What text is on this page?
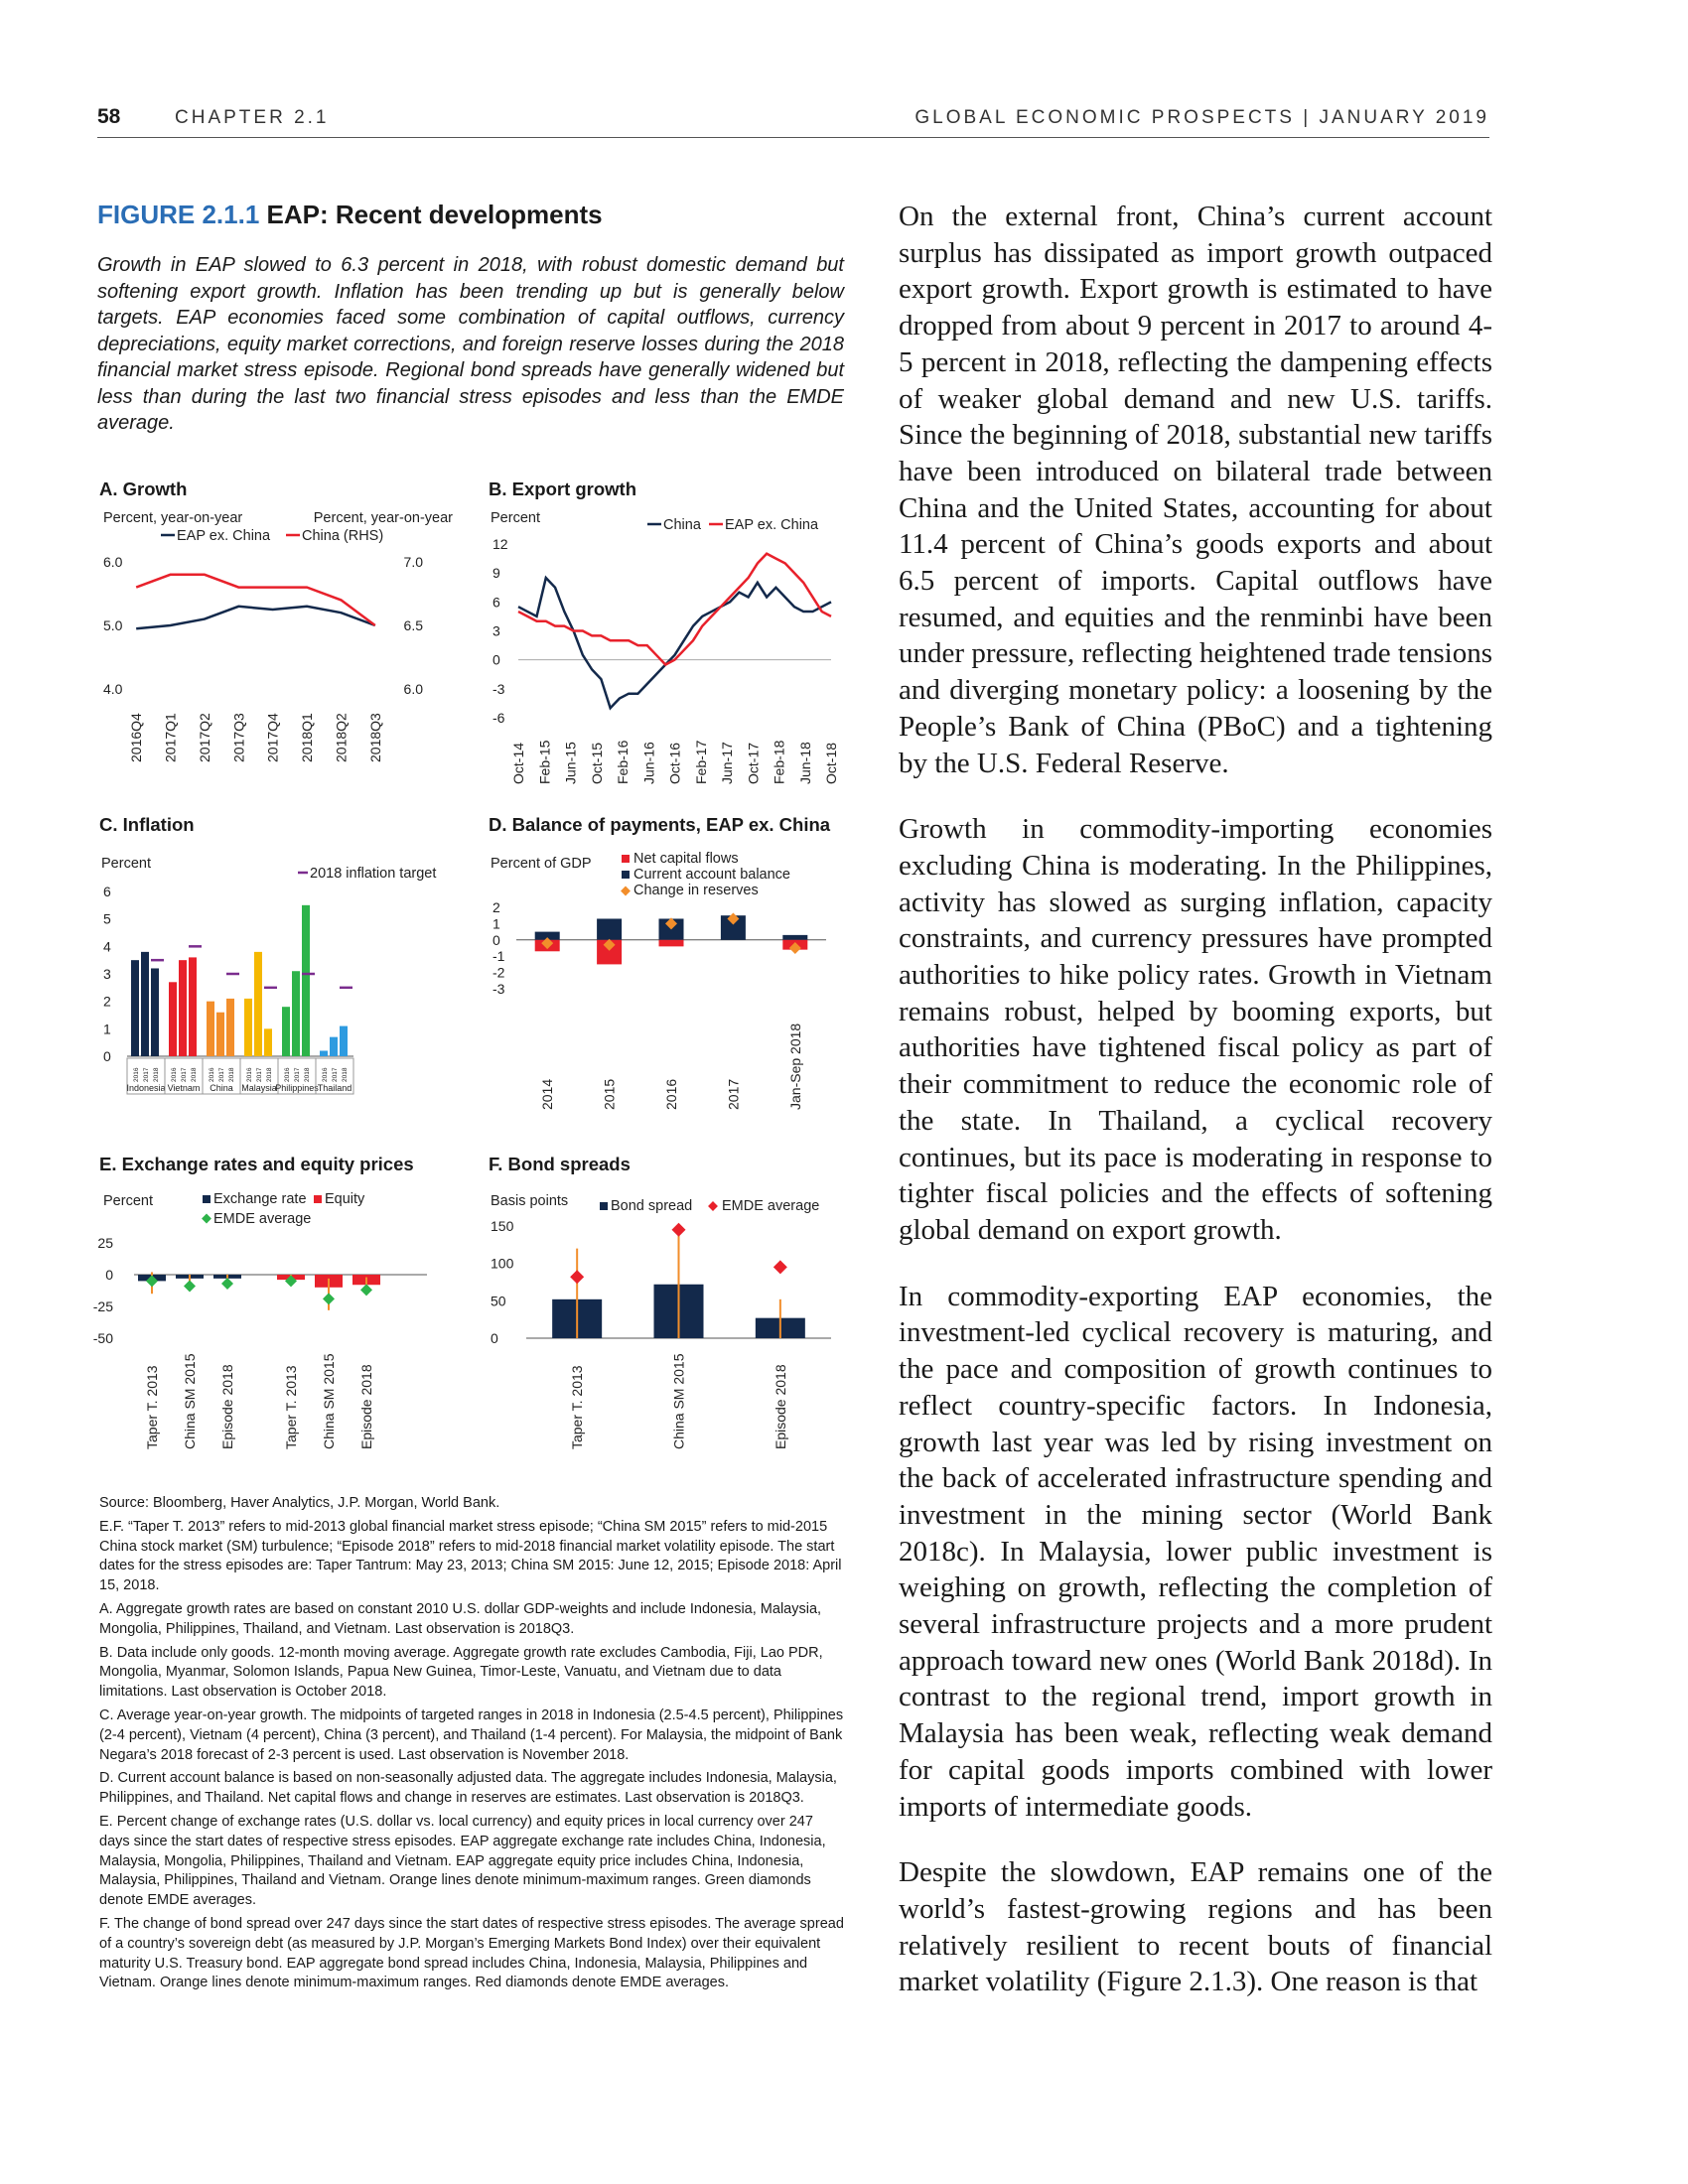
58	CHAPTER 2.1	GLOBAL ECONOMIC PROSPECTS | JANUARY 2019
FIGURE 2.1.1 EAP: Recent developments
Growth in EAP slowed to 6.3 percent in 2018, with robust domestic demand but softening export growth. Inflation has been trending up but is generally below targets. EAP economies faced some combination of capital outflows, currency depreciations, equity market corrections, and foreign reserve losses during the 2018 financial market stress episode. Regional bond spreads have generally widened but less than during the last two financial stress episodes and less than the EMDE average.
A. Growth
Percent, year-on-year	Percent, year-on-year
EAP ex. China China (RHS)
4.0
5.0
6.0
6.0
6.5
7.0
2016Q4 2017Q1 2017Q2 2017Q3 2017Q4 2018Q1 2018Q2 2018Q3
B. Export growth
Percent	China EAP ex. China
-6
-3
0
3
6
9
12
Oct-14 Feb-15 Jun-15 Oct-15 Feb-16 Jun-16 Oct-16 Feb-17 Jun-17 Oct-17 Feb-18 Jun-18 Oct-18
C. Inflation
Percent
2018 inflation target
0
1
2
3
4
5
6
2016 2017 2018
Indonesia
2016 2017 2018
Vietnam
2016 2017 2018
China
2016 2017 2018
Malaysia
2016 2017 2018
Philippines
2016 2017 2018
Thailand
D. Balance of payments, EAP ex. China
Percent of GDP	Net capital flows
Current account balance
Change in reserves
-3
-2
-1
0
1
2
2014	2015	2016	2017	Jan-Sep 2018
E. Exchange rates and equity prices
Percent	Exchange rate Equity
EMDE average
-50
-25
0
25
Taper T. 2013 China SM 2015 Episode 2018	Taper T. 2013 China SM 2015 Episode 2018
F. Bond spreads
Basis points	Bond spread EMDE average
0
50
100
150
Taper T. 2013	China SM 2015	Episode 2018

Source: Bloomberg, Haver Analytics, J.P. Morgan, World Bank.

E.F. “Taper T. 2013” refers to mid-2013 global financial market stress episode; “China SM 2015” refers to mid-2015 China stock market (SM) turbulence; “Episode 2018” refers to mid-2018 financial market volatility episode. The start dates for the stress episodes are: Taper Tantrum: May 23, 2013; China SM 2015: June 12, 2015; Episode 2018: April 15, 2018.

A. Aggregate growth rates are based on constant 2010 U.S. dollar GDP-weights and include Indonesia, Malaysia, Mongolia, Philippines, Thailand, and Vietnam. Last observation is 2018Q3.

B. Data include only goods. 12-month moving average. Aggregate growth rate excludes Cambodia, Fiji, Lao PDR, Mongolia, Myanmar, Solomon Islands, Papua New Guinea, Timor-Leste, Vanuatu, and Vietnam due to data limitations. Last observation is October 2018.

C. Average year-on-year growth. The midpoints of targeted ranges in 2018 in Indonesia (2.5-4.5 percent), Philippines (2-4 percent), Vietnam (4 percent), China (3 percent), and Thailand (1-4 percent). For Malaysia, the midpoint of Bank Negara’s 2018 forecast of 2-3 percent is used. Last observation is November 2018.

D. Current account balance is based on non-seasonally adjusted data. The aggregate includes Indonesia, Malaysia, Philippines, and Thailand. Net capital flows and change in reserves are estimates. Last observation is 2018Q3.

E. Percent change of exchange rates (U.S. dollar vs. local currency) and equity prices in local currency over 247 days since the start dates of respective stress episodes. EAP aggregate exchange rate includes China, Indonesia, Malaysia, Mongolia, Philippines, Thailand and Vietnam. EAP aggregate equity price includes China, Indonesia, Malaysia, Philippines, Thailand and Vietnam. Orange lines denote minimum-maximum ranges. Green diamonds denote EMDE averages.

F. The change of bond spread over 247 days since the start dates of respective stress episodes. The average spread of a country’s sovereign debt (as measured by J.P. Morgan’s Emerging Markets Bond Index) over their equivalent maturity U.S. Treasury bond. EAP aggregate bond spread includes China, Indonesia, Malaysia, Philippines and Vietnam. Orange lines denote minimum-maximum ranges. Red diamonds denote EMDE averages.

On the external front, China’s current account surplus has dissipated as import growth outpaced export growth. Export growth is estimated to have dropped from about 9 percent in 2017 to around 4-5 percent in 2018, reflecting the dampening effects of weaker global demand and new U.S. tariffs. Since the beginning of 2018, substantial new tariffs have been introduced on bilateral trade between China and the United States, accounting for about 11.4 percent of China’s goods exports and about 6.5 percent of imports. Capital outflows have resumed, and equities and the renminbi have been under pressure, reflecting heightened trade tensions and diverging monetary policy: a loosening by the People’s Bank of China (PBoC) and a tightening by the U.S. Federal Reserve.

Growth in commodity-importing economies excluding China is moderating. In the Philippines, activity has slowed as surging inflation, capacity constraints, and currency pressures have prompted authorities to hike policy rates. Growth in Vietnam remains robust, helped by booming exports, but authorities have tightened fiscal policy as part of their commitment to reduce the economic role of the state. In Thailand, a cyclical recovery continues, but its pace is moderating in response to tighter fiscal policies and the effects of softening global demand on export growth.

In commodity-exporting EAP economies, the investment-led cyclical recovery is maturing, and the pace and composition of growth continues to reflect country-specific factors. In Indonesia, growth last year was led by rising investment on the back of accelerated infrastructure spending and investment in the mining sector (World Bank 2018c). In Malaysia, lower public investment is weighing on growth, reflecting the completion of several infrastructure projects and a more prudent approach toward new ones (World Bank 2018d). In contrast to the regional trend, import growth in Malaysia has been weak, reflecting weak demand for capital goods imports combined with lower imports of intermediate goods.

Despite the slowdown, EAP remains one of the world’s fastest-growing regions and has been relatively resilient to recent bouts of financial market volatility (Figure 2.1.3). One reason is that
